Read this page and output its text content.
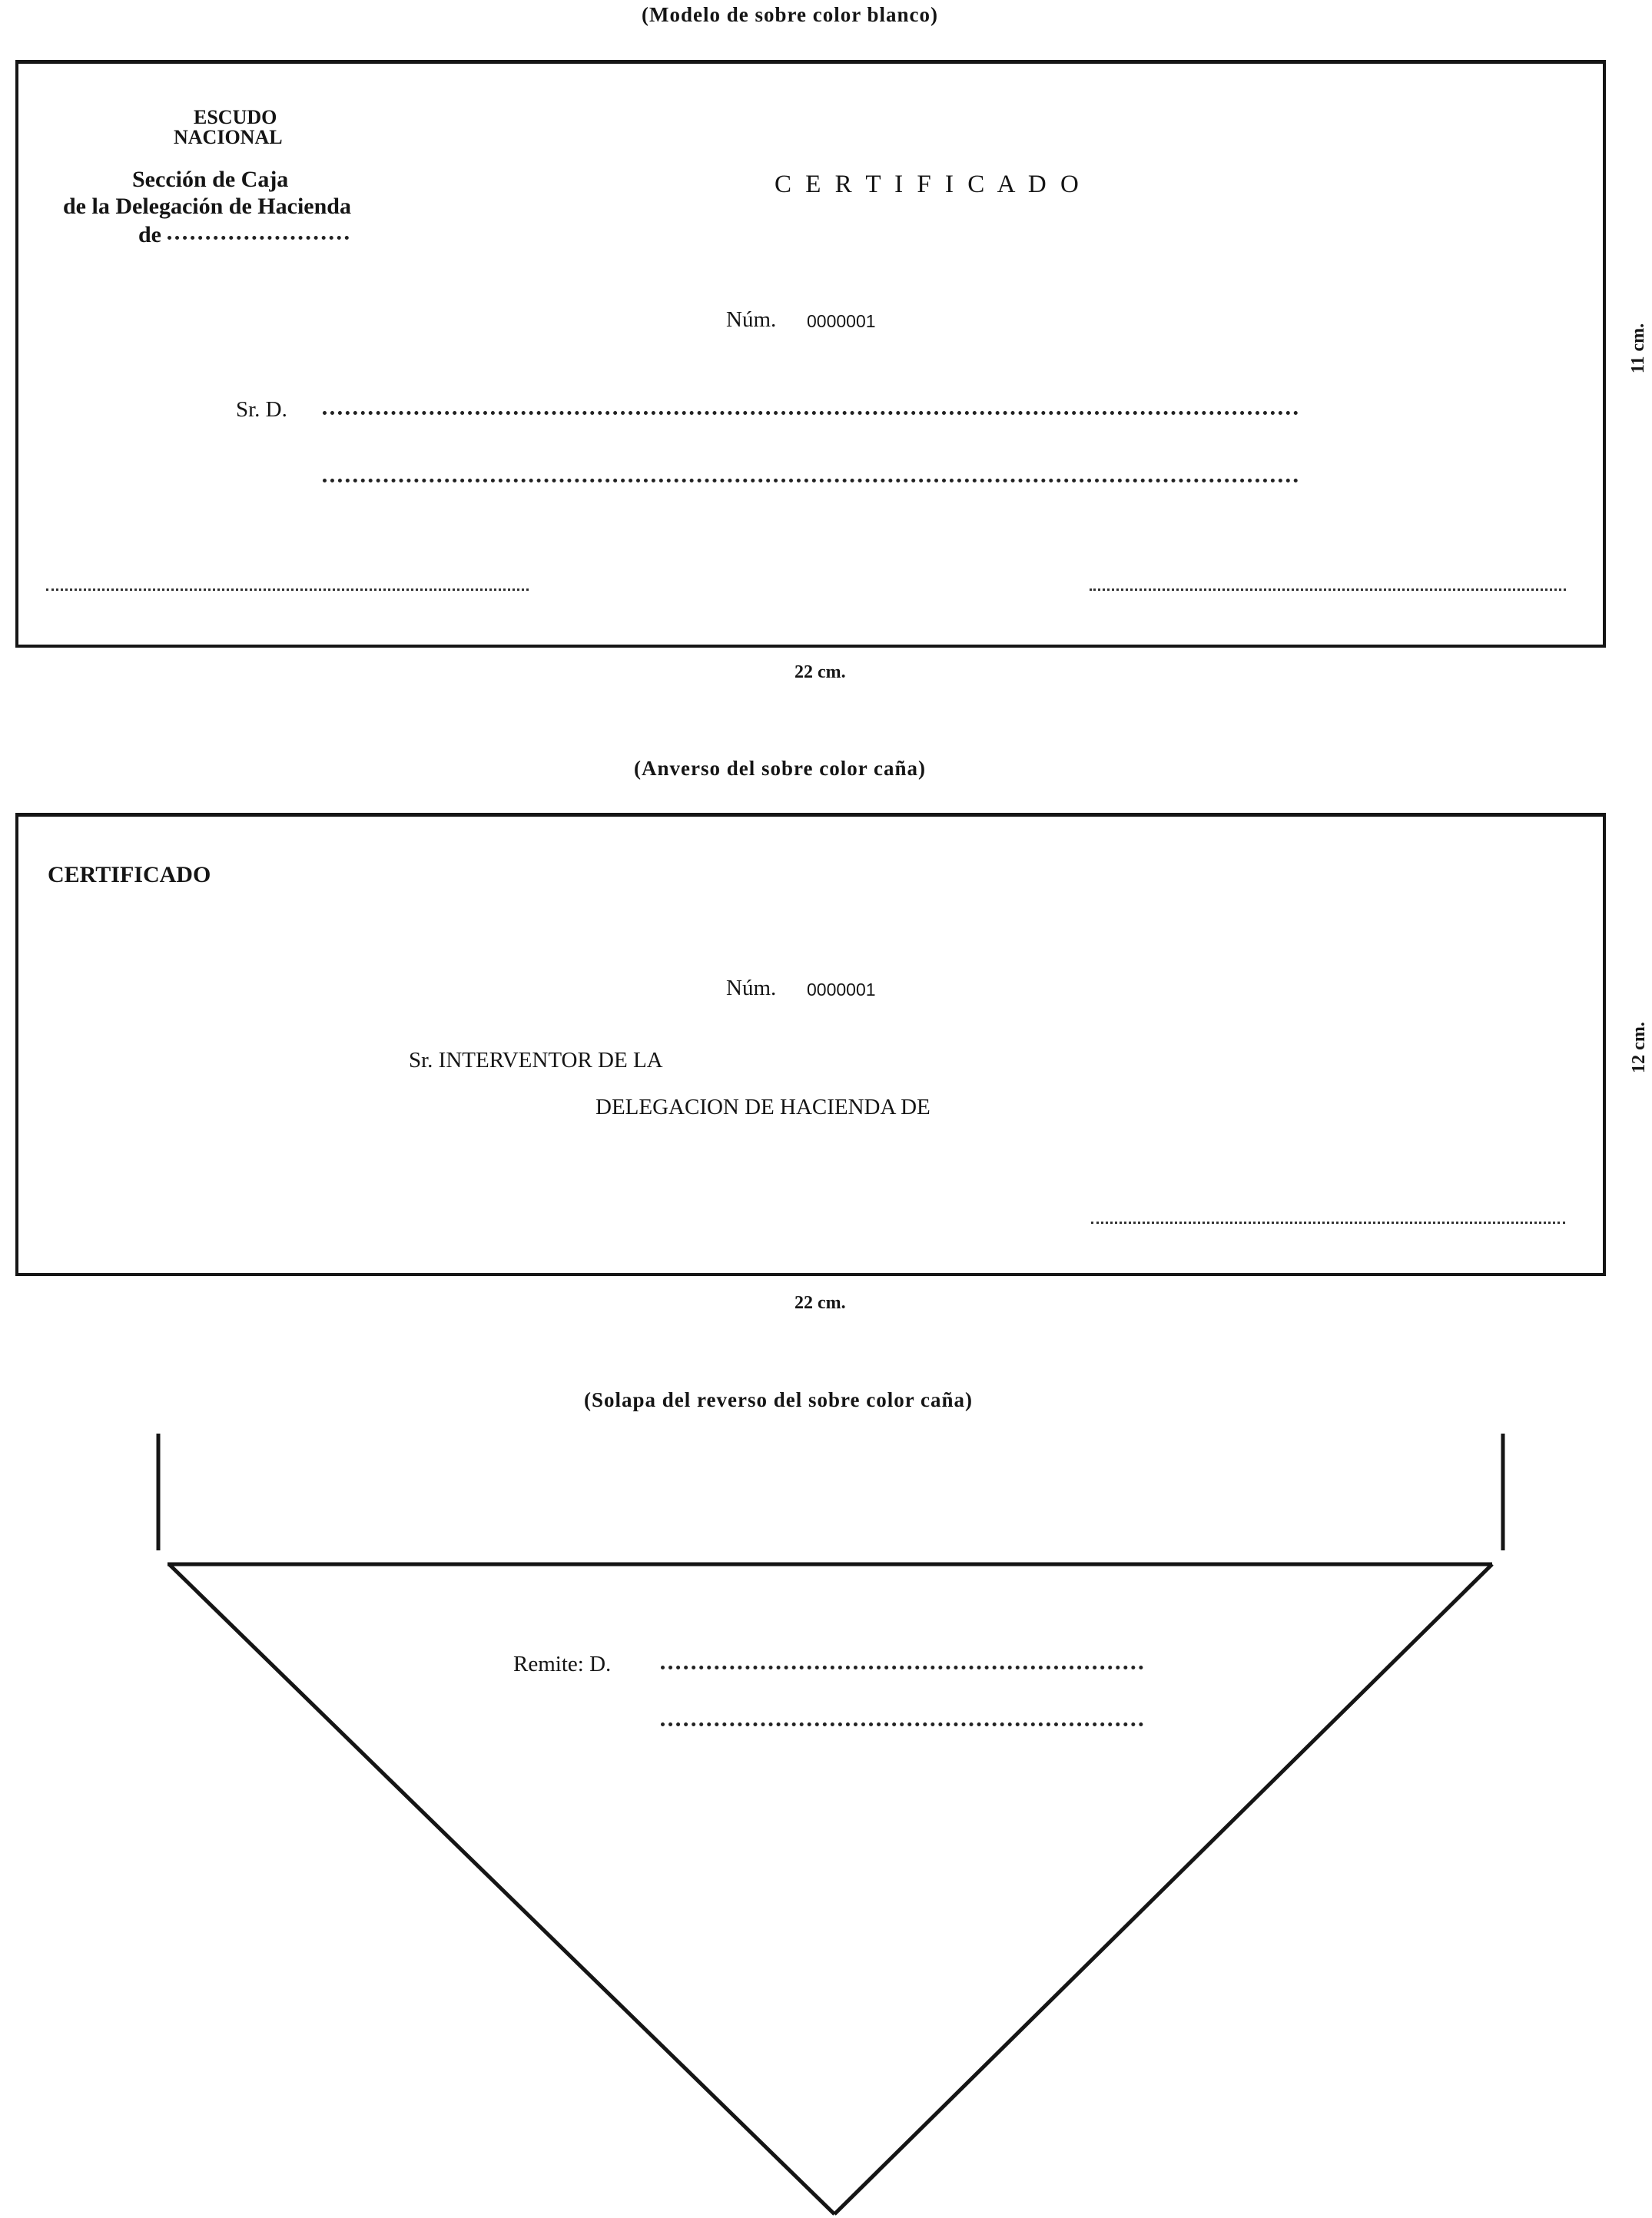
(Modelo de sobre color blanco)
ESCUDO
NACIONAL
Sección de Caja
de la Delegación de Hacienda
de
C E R T I F I C A D O
Núm. 0000001
Sr. D.
22 cm.
11 cm.
(Anverso del sobre color caña)
CERTIFICADO
Núm. 0000001
Sr. INTERVENTOR DE LA
DELEGACION DE HACIENDA DE
22 cm.
12 cm.
(Solapa del reverso del sobre color caña)
Remite: D.
